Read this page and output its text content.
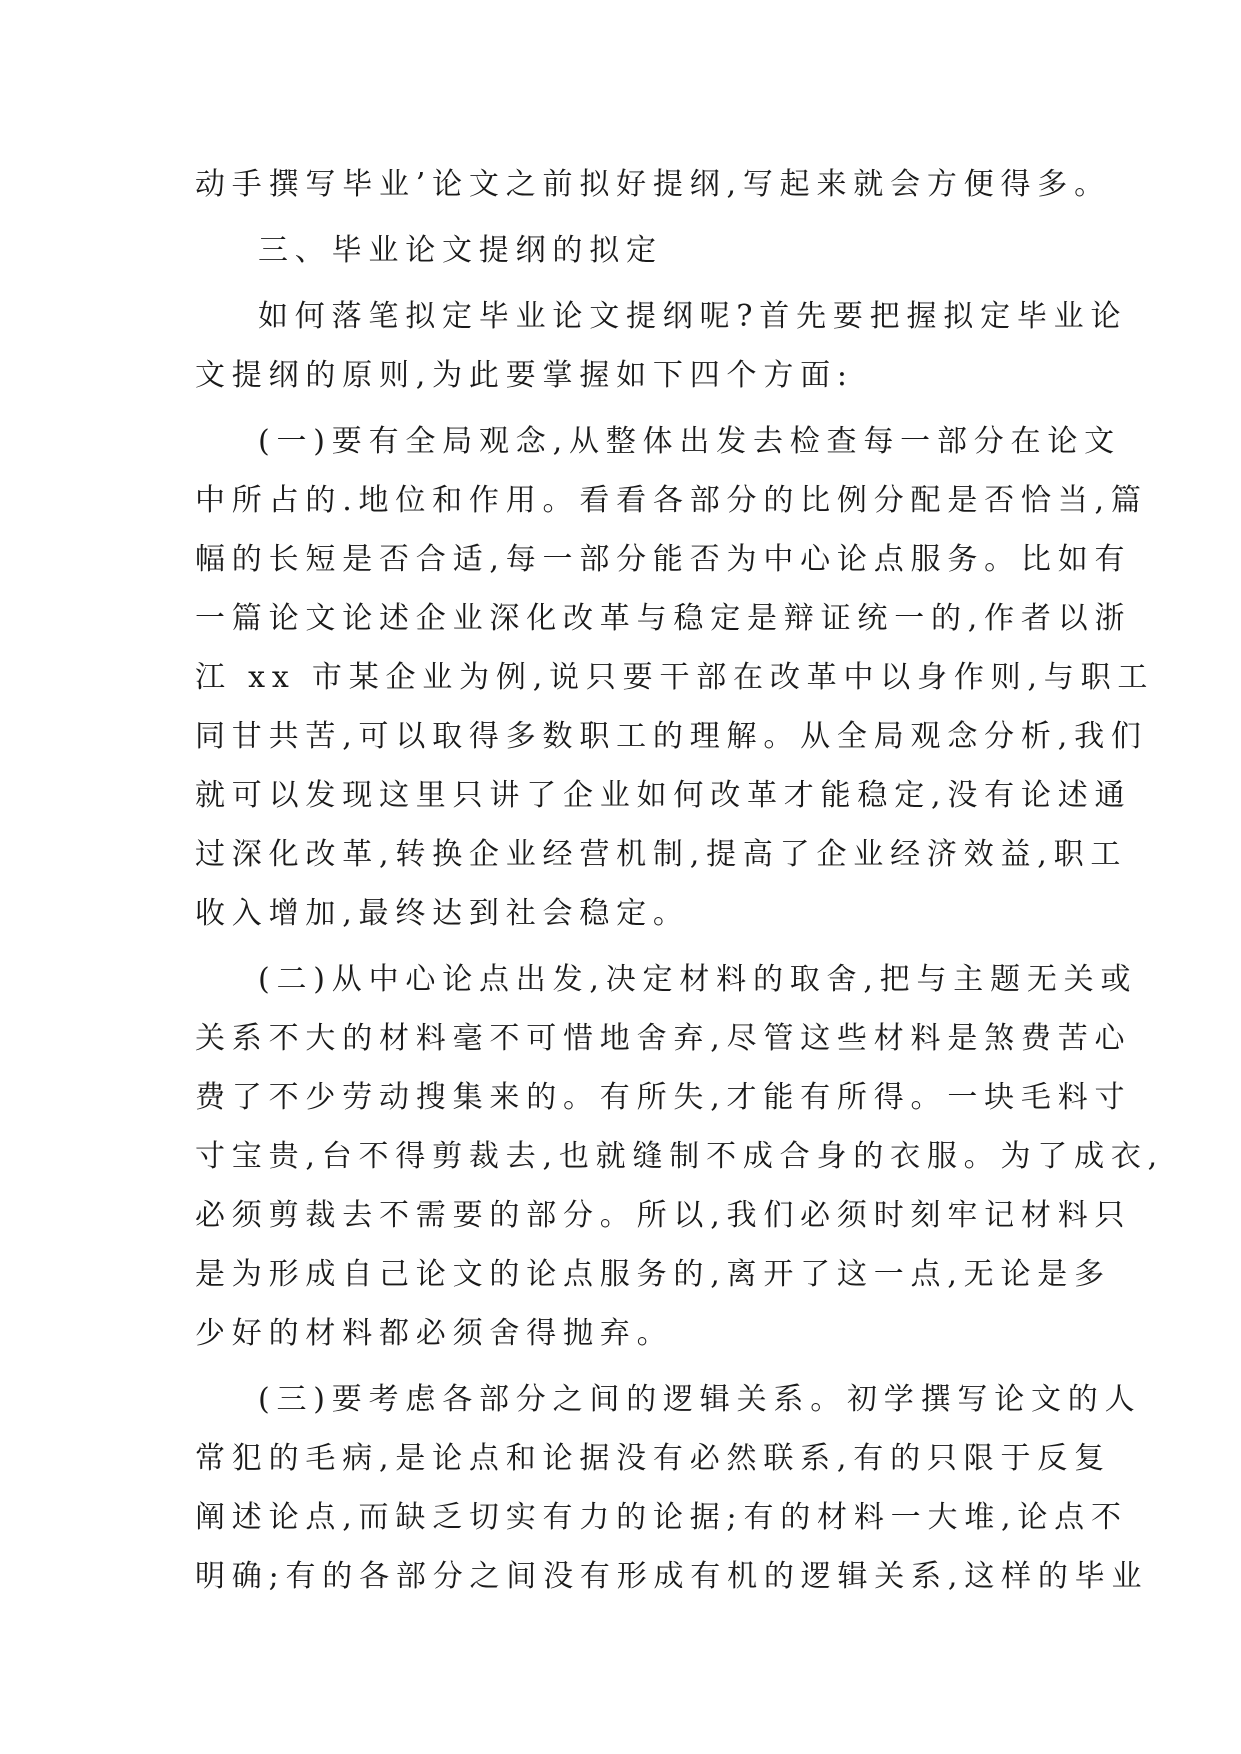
动手撰写毕业’论文之前拟好提纲,写起来就会方便得多。
三、毕业论文提纲的拟定
如何落笔拟定毕业论文提纲呢?首先要把握拟定毕业论
文提纲的原则,为此要掌握如下四个方面:
(一)要有全局观念,从整体出发去检查每一部分在论文
中所占的.地位和作用。看看各部分的比例分配是否恰当,篇
幅的长短是否合适,每一部分能否为中心论点服务。比如有
一篇论文论述企业深化改革与稳定是辩证统一的,作者以浙
江 xx 市某企业为例,说只要干部在改革中以身作则,与职工
同甘共苦,可以取得多数职工的理解。从全局观念分析,我们
就可以发现这里只讲了企业如何改革才能稳定,没有论述通
过深化改革,转换企业经营机制,提高了企业经济效益,职工
收入增加,最终达到社会稳定。
(二)从中心论点出发,决定材料的取舍,把与主题无关或
关系不大的材料毫不可惜地舍弃,尽管这些材料是煞费苦心
费了不少劳动搜集来的。有所失,才能有所得。一块毛料寸
寸宝贵,台不得剪裁去,也就缝制不成合身的衣服。为了成衣,
必须剪裁去不需要的部分。所以,我们必须时刻牢记材料只
是为形成自己论文的论点服务的,离开了这一点,无论是多
少好的材料都必须舍得抛弃。
(三)要考虑各部分之间的逻辑关系。初学撰写论文的人
常犯的毛病,是论点和论据没有必然联系,有的只限于反复
阐述论点,而缺乏切实有力的论据;有的材料一大堆,论点不
明确;有的各部分之间没有形成有机的逻辑关系,这样的毕业
